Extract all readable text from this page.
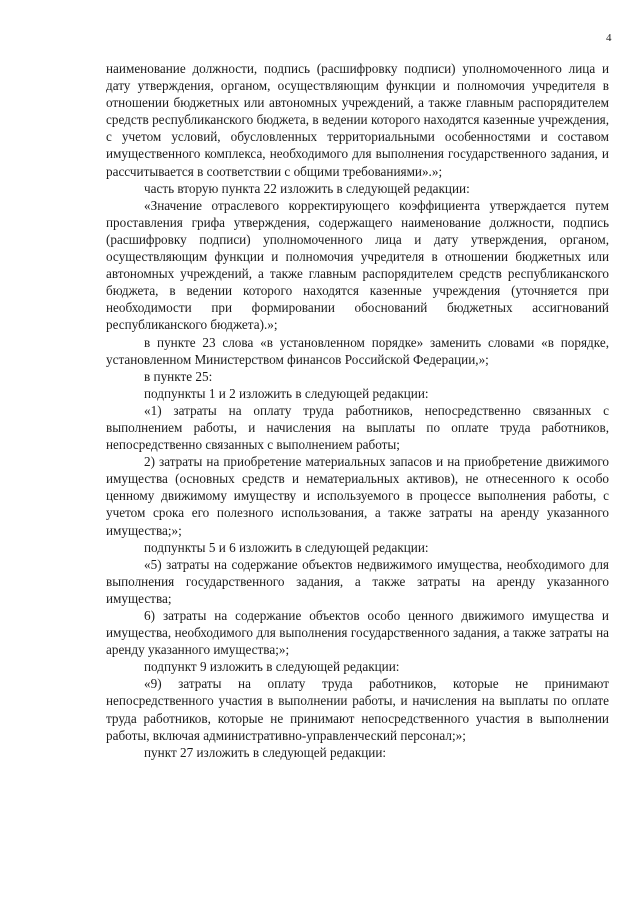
4

наименование должности, подпись (расшифровку подписи) уполномоченного лица и дату утверждения, органом, осуществляющим функции и полномочия учредителя в отношении бюджетных или автономных учреждений, а также главным распорядителем средств республиканского бюджета, в ведении которого находятся казенные учреждения, с учетом условий, обусловленных территориальными особенностями и составом имущественного комплекса, необходимого для выполнения государственного задания, и рассчитывается в соответствии с общими требованиями».»;

часть вторую пункта 22 изложить в следующей редакции:

«Значение отраслевого корректирующего коэффициента утверждается путем проставления грифа утверждения, содержащего наименование должности, подпись (расшифровку подписи) уполномоченного лица и дату утверждения, органом, осуществляющим функции и полномочия учредителя в отношении бюджетных или автономных учреждений, а также главным распорядителем средств республиканского бюджета, в ведении которого находятся казенные учреждения (уточняется при необходимости при формировании обоснований бюджетных ассигнований республиканского бюджета).»;

в пункте 23 слова «в установленном порядке» заменить словами «в порядке, установленном Министерством финансов Российской Федерации,»;

в пункте 25:

подпункты 1 и 2 изложить в следующей редакции:

«1) затраты на оплату труда работников, непосредственно связанных с выполнением работы, и начисления на выплаты по оплате труда работников, непосредственно связанных с выполнением работы;

2) затраты на приобретение материальных запасов и на приобретение движимого имущества (основных средств и нематериальных активов), не отнесенного к особо ценному движимому имуществу и используемого в процессе выполнения работы, с учетом срока его полезного использования, а также затраты на аренду указанного имущества;»;

подпункты 5 и 6 изложить в следующей редакции:

«5) затраты на содержание объектов недвижимого имущества, необходимого для выполнения государственного задания, а также затраты на аренду указанного имущества;

6) затраты на содержание объектов особо ценного движимого имущества и имущества, необходимого для выполнения государственного задания, а также затраты на аренду указанного имущества;»;

подпункт 9 изложить в следующей редакции:

«9) затраты на оплату труда работников, которые не принимают непосредственного участия в выполнении работы, и начисления на выплаты по оплате труда работников, которые не принимают непосредственного участия в выполнении работы, включая административно-управленческий персонал;»;

пункт 27 изложить в следующей редакции:
